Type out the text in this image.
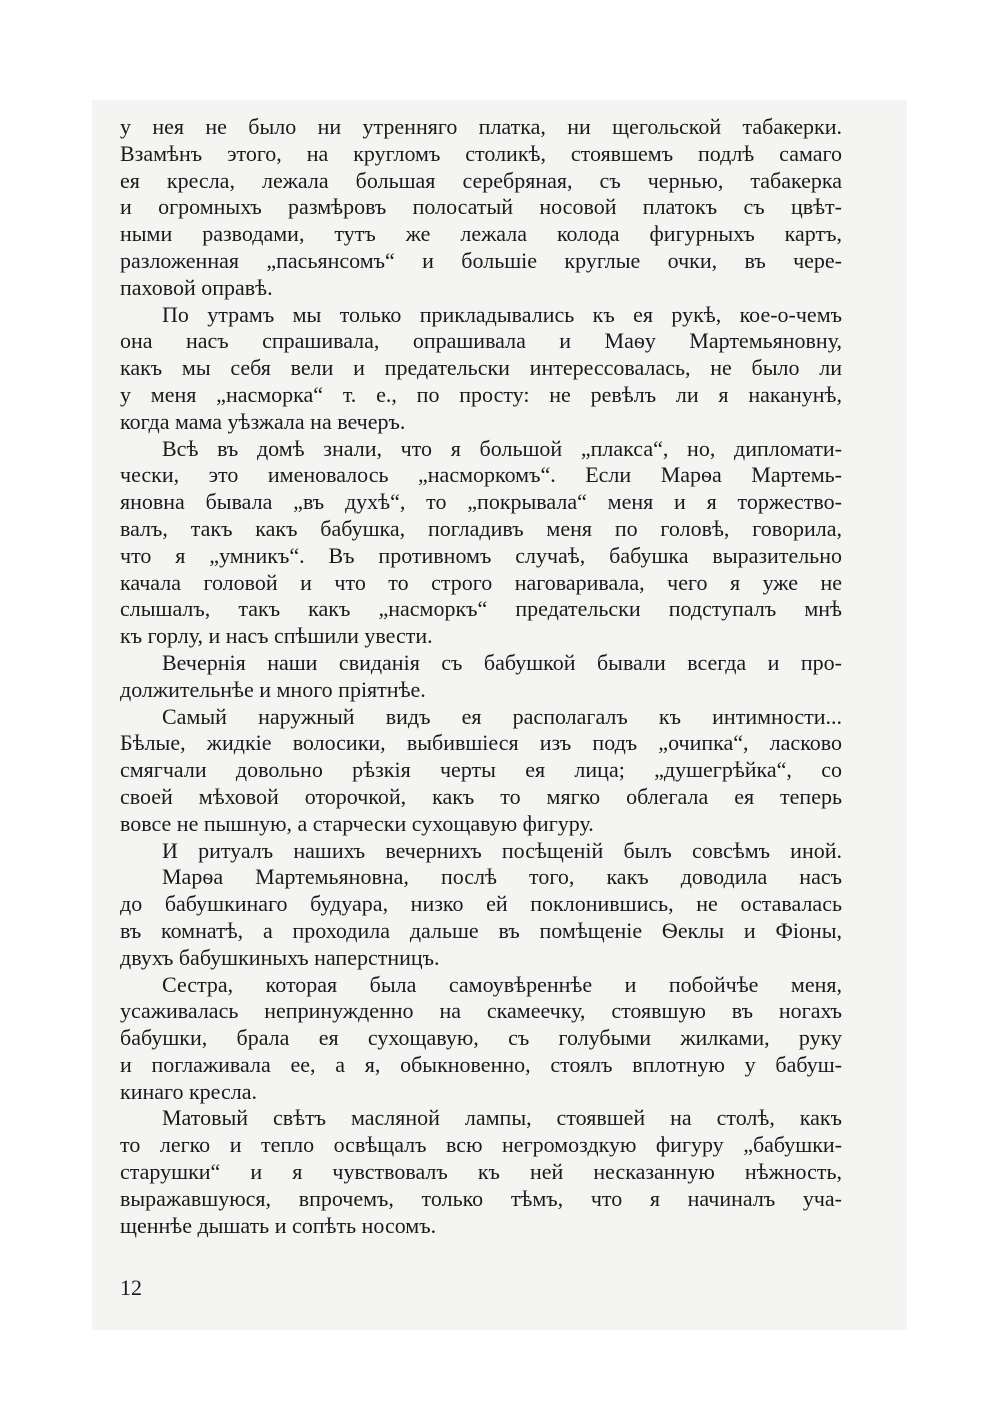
у нея не было ни утренняго платка, ни щегольской табакерки.
Взамѣнъ этого, на кругломъ столикѣ, стоявшемъ подлѣ самаго
ея кресла, лежала большая серебряная, съ чернью, табакерка
и огромныхъ размѣровъ полосатый носовой платокъ съ цвѣт-
ными разводами, тутъ же лежала колода фигурныхъ картъ,
разложенная „пасьянсомъ“ и большiе круглые очки, въ чере-
паховой оправѣ.
По утрамъ мы только прикладывались къ ея рукѣ, кое-о-чемъ
она насъ спрашивала, опрашивала и Маѳу Мартемьяновну,
какъ мы себя вели и предательски интерессовалась, не было ли
у меня „насморка“ т. е., по просту: не ревѣлъ ли я наканунѣ,
когда мама уѣзжала на вечеръ.
Всѣ въ домѣ знали, что я большой „плакса“, но, дипломати-
чески, это именовалось „насморкомъ“. Если Марѳа Мартемь-
яновна бывала „въ духѣ“, то „покрывала“ меня и я торжество-
валъ, такъ какъ бабушка, погладивъ меня по головѣ, говорила,
что я „умникъ“. Въ противномъ случаѣ, бабушка выразительно
качала головой и что то строго наговаривала, чего я уже не
слышалъ, такъ какъ „насморкъ“ предательски подступалъ мнѣ
къ горлу, и насъ спѣшили увести.
Вечернiя наши свиданiя съ бабушкой бывали всегда и про-
должительнѣе и много прiятнѣе.
Самый наружный видъ ея располагалъ къ интимности...
Бѣлые, жидкiе волосики, выбившiеся изъ подъ „очипка“, ласково
смягчали довольно рѣзкiя черты ея лица; „душегрѣйка“, со
своей мѣховой оторочкой, какъ то мягко облегала ея теперь
вовсе не пышную, а старчески сухощавую фигуру.
И ритуалъ нашихъ вечернихъ посѣщенiй былъ совсѣмъ иной.
Марѳа Мартемьяновна, послѣ того, какъ доводила насъ
до бабушкинаго будуара, низко ей поклонившись, не оставалась
въ комнатѣ, а проходила дальше въ помѣщенiе Ѳеклы и Фiоны,
двухъ бабушкиныхъ наперстницъ.
Сестра, которая была самоувѣреннѣе и побойчѣе меня,
усаживалась непринужденно на скамеечку, стоявшую въ ногахъ
бабушки, брала ея сухощавую, съ голубыми жилками, руку
и поглаживала ее, а я, обыкновенно, стоялъ вплотную у бабуш-
кинаго кресла.
Матовый свѣтъ масляной лампы, стоявшей на столѣ, какъ
то легко и тепло освѣщалъ всю негромоздкую фигуру „бабушки-
старушки“ и я чувствовалъ къ ней несказанную нѣжность,
выражавшуюся, впрочемъ, только тѣмъ, что я начиналъ уча-
щеннѣе дышать и сопѣть носомъ.
12
